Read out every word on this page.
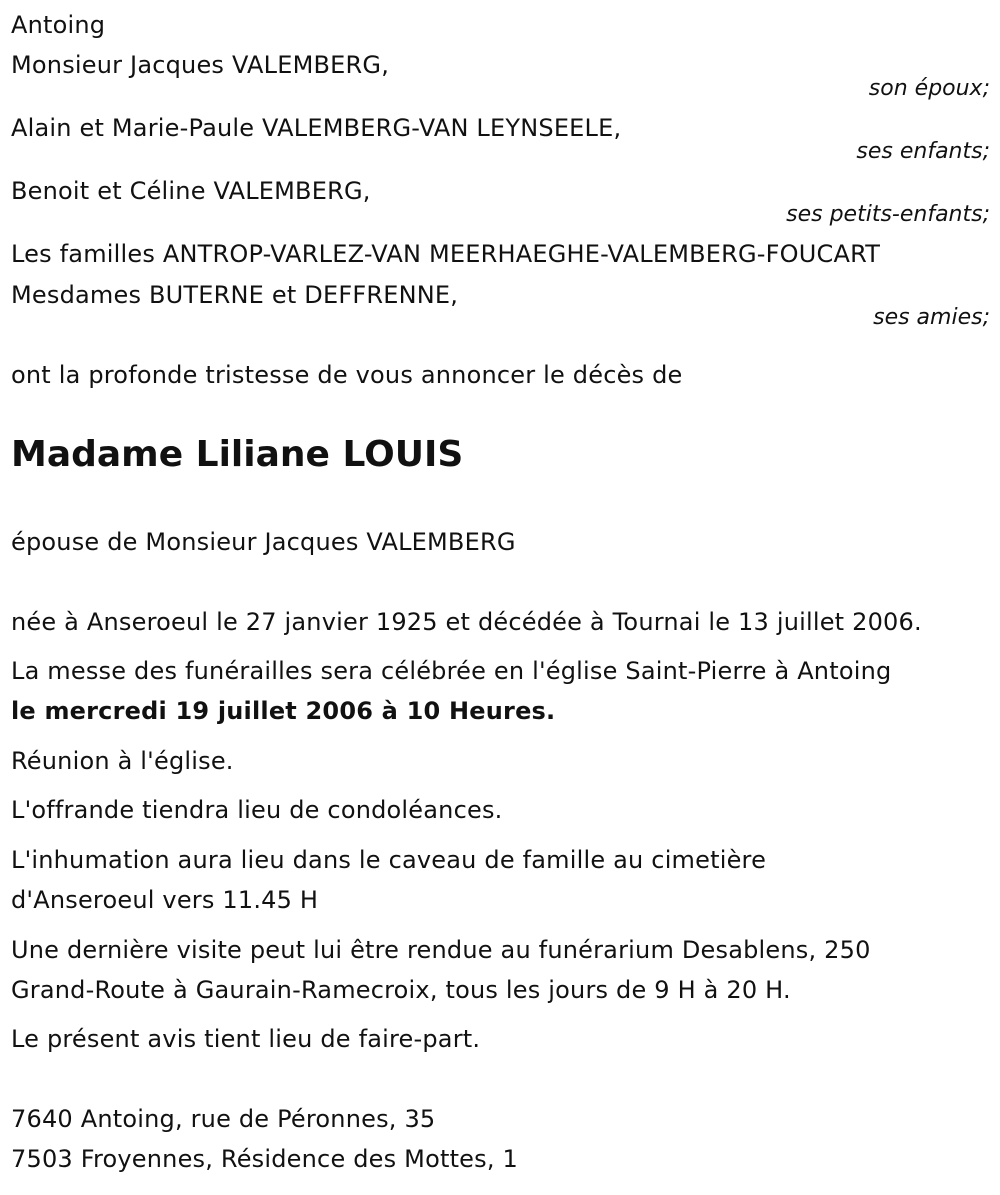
Antoing
Monsieur Jacques VALEMBERG,
son époux;
Alain et Marie-Paule VALEMBERG-VAN LEYNSEELE,
ses enfants;
Benoit et Céline VALEMBERG,
ses petits-enfants;
Les familles ANTROP-VARLEZ-VAN MEERHAEGHE-VALEMBERG-FOUCART
Mesdames BUTERNE et DEFFRENNE,
ses amies;
ont la profonde tristesse de vous annoncer le décès de
Madame Liliane LOUIS
épouse de Monsieur Jacques VALEMBERG
née à Anseroeul le 27 janvier 1925 et décédée à Tournai le 13 juillet 2006.
La messe des funérailles sera célébrée en l'église Saint-Pierre à Antoing
le mercredi 19 juillet 2006 à 10 Heures.
Réunion à l'église.
L'offrande tiendra lieu de condoléances.
L'inhumation aura lieu dans le caveau de famille au cimetière
d'Anseroeul vers 11.45 H
Une dernière visite peut lui être rendue au funérarium Desablens, 250
Grand-Route à Gaurain-Ramecroix, tous les jours de 9 H à 20 H.
Le présent avis tient lieu de faire-part.
7640 Antoing, rue de Péronnes, 35
7503 Froyennes, Résidence des Mottes, 1
